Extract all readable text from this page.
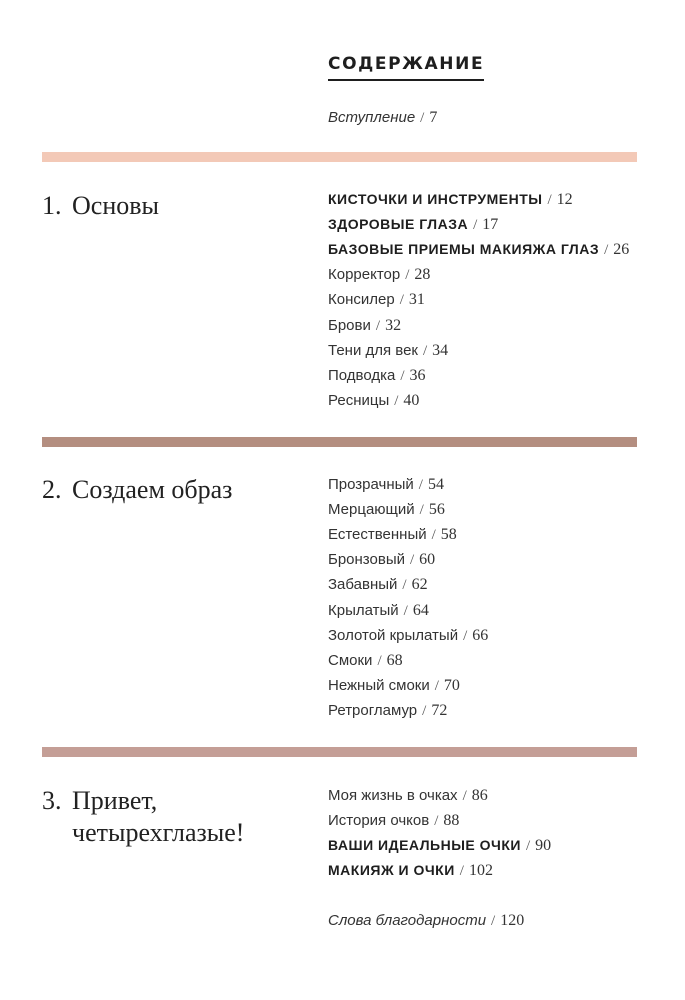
СОДЕРЖАНИЕ
Вступление / 7
1. Основы	КИСТОЧКИ И ИНСТРУМЕНТЫ / 12
ЗДОРОВЫЕ ГЛАЗА / 17
БАЗОВЫЕ ПРИЕМЫ МАКИЯЖА ГЛАЗ / 26
Корректор / 28
Консилер / 31
Брови / 32
Тени для век / 34
Подводка / 36
Ресницы / 40
2. Создаем образ	Прозрачный / 54
Мерцающий / 56
Естественный / 58
Бронзовый / 60
Забавный / 62
Крылатый / 64
Золотой крылатый / 66
Смоки / 68
Нежный смоки / 70
Ретрогламур / 72
3. Привет,
четырехглазые!
Моя жизнь в очках / 86
История очков / 88
ВАШИ ИДЕАЛЬНЫЕ ОЧКИ / 90
МАКИЯЖ И ОЧКИ / 102
Слова благодарности / 120
